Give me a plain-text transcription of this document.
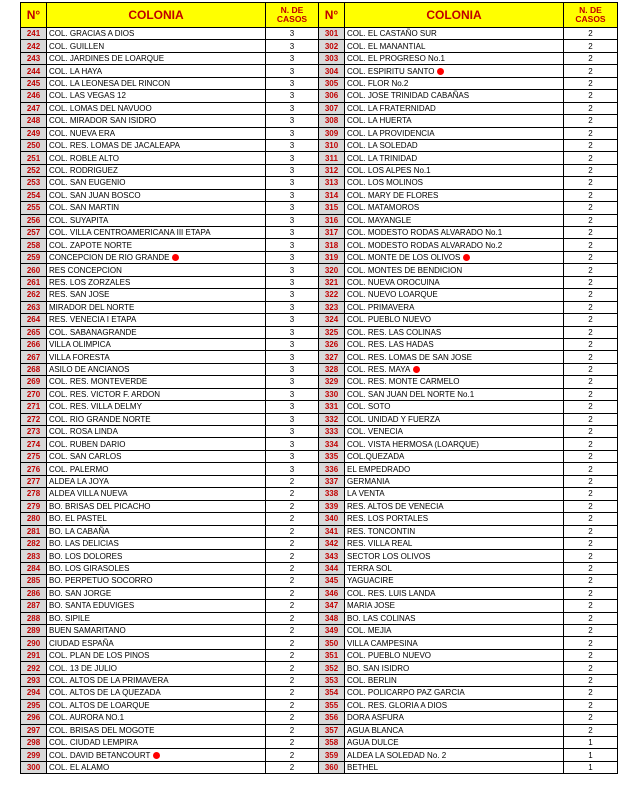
N°	COLONIA	N. DE CASOS	N°	COLONIA	N. DE CASOS
241	COL. GRACIAS A DIOS	3	301	COL. EL CASTAÑO SUR	2
242	COL. GUILLEN	3	302	COL. EL MANANTIAL	2
243	COL. JARDINES DE LOARQUE	3	303	COL. EL PROGRESO No.1	2
244	COL. LA HAYA	3	304	COL. ESPIRITU SANTO	2
245	COL. LA LEONESA DEL RINCON	3	305	COL. FLOR No.2	2
246	COL. LAS VEGAS 12	3	306	COL. JOSE TRINIDAD CABAÑAS	2
247	COL. LOMAS DEL NAVUOO	3	307	COL. LA FRATERNIDAD	2
248	COL. MIRADOR SAN ISIDRO	3	308	COL. LA HUERTA	2
249	COL. NUEVA ERA	3	309	COL. LA PROVIDENCIA	2
250	COL. RES. LOMAS DE JACALEAPA	3	310	COL. LA SOLEDAD	2
251	COL. ROBLE ALTO	3	311	COL. LA TRINIDAD	2
252	COL. RODRIGUEZ	3	312	COL. LOS ALPES No.1	2
253	COL. SAN EUGENIO	3	313	COL. LOS MOLINOS	2
254	COL. SAN JUAN BOSCO	3	314	COL. MARY DE FLORES	2
255	COL. SAN MARTIN	3	315	COL. MATAMOROS	2
256	COL. SUYAPITA	3	316	COL. MAYANGLE	2
257	COL. VILLA CENTROAMERICANA III ETAPA	3	317	COL. MODESTO RODAS ALVARADO No.1	2
258	COL. ZAPOTE NORTE	3	318	COL. MODESTO RODAS ALVARADO No.2	2
259	CONCEPCION DE RIO GRANDE	3	319	COL. MONTE DE LOS OLIVOS	2
260	RES CONCEPCION	3	320	COL. MONTES DE BENDICION	2
261	RES. LOS ZORZALES	3	321	COL. NUEVA OROCUINA	2
262	RES. SAN JOSE	3	322	COL. NUEVO LOARQUE	2
263	MIRADOR DEL NORTE	3	323	COL. PRIMAVERA	2
264	RES. VENECIA I ETAPA	3	324	COL. PUEBLO NUEVO	2
265	COL. SABANAGRANDE	3	325	COL. RES. LAS COLINAS	2
266	VILLA OLIMPICA	3	326	COL. RES. LAS HADAS	2
267	VILLA FORESTA	3	327	COL. RES. LOMAS DE SAN JOSE	2
268	ASILO DE ANCIANOS	3	328	COL. RES. MAYA	2
269	COL. RES. MONTEVERDE	3	329	COL. RES. MONTE CARMELO	2
270	COL. RES. VICTOR F. ARDON	3	330	COL. SAN JUAN DEL NORTE No.1	2
271	COL. RES. VILLA DELMY	3	331	COL. SOTO	2
272	COL. RIO GRANDE NORTE	3	332	COL. UNIDAD Y FUERZA	2
273	COL. ROSA LINDA	3	333	COL. VENECIA	2
274	COL. RUBEN DARIO	3	334	COL. VISTA HERMOSA (LOARQUE)	2
275	COL. SAN CARLOS	3	335	COL.QUEZADA	2
276	COL. PALERMO	3	336	EL EMPEDRADO	2
277	ALDEA LA JOYA	2	337	GERMANIA	2
278	ALDEA VILLA NUEVA	2	338	LA VENTA	2
279	BO. BRISAS DEL PICACHO	2	339	RES. ALTOS DE VENECIA	2
280	BO. EL PASTEL	2	340	RES. LOS PORTALES	2
281	BO. LA CABAÑA	2	341	RES. TONCONTIN	2
282	BO. LAS DELICIAS	2	342	RES. VILLA REAL	2
283	BO. LOS DOLORES	2	343	SECTOR LOS OLIVOS	2
284	BO. LOS GIRASOLES	2	344	TERRA SOL	2
285	BO. PERPETUO SOCORRO	2	345	YAGUACIRE	2
286	BO. SAN JORGE	2	346	COL. RES. LUIS LANDA	2
287	BO. SANTA EDUVIGES	2	347	MARIA JOSE	2
288	BO. SIPILE	2	348	BO. LAS COLINAS	2
289	BUEN SAMARITANO	2	349	COL. MEJIA	2
290	CIUDAD ESPAÑA	2	350	VILLA CAMPESINA	2
291	COL. PLAN DE LOS PINOS	2	351	COL. PUEBLO NUEVO	2
292	COL. 13 DE JULIO	2	352	BO. SAN ISIDRO	2
293	COL. ALTOS DE LA PRIMAVERA	2	353	COL. BERLIN	2
294	COL. ALTOS DE LA QUEZADA	2	354	COL. POLICARPO PAZ GARCIA	2
295	COL. ALTOS DE LOARQUE	2	355	COL. RES. GLORIA A DIOS	2
296	COL. AURORA NO.1	2	356	DORA ASFURA	2
297	COL. BRISAS DEL MOGOTE	2	357	AGUA BLANCA	2
298	COL. CIUDAD LEMPIRA	2	358	AGUA DULCE	1
299	COL. DAVID BETANCOURT	2	359	ALDEA LA SOLEDAD No. 2	1
300	COL. EL ALAMO	2	360	BETHEL	1
